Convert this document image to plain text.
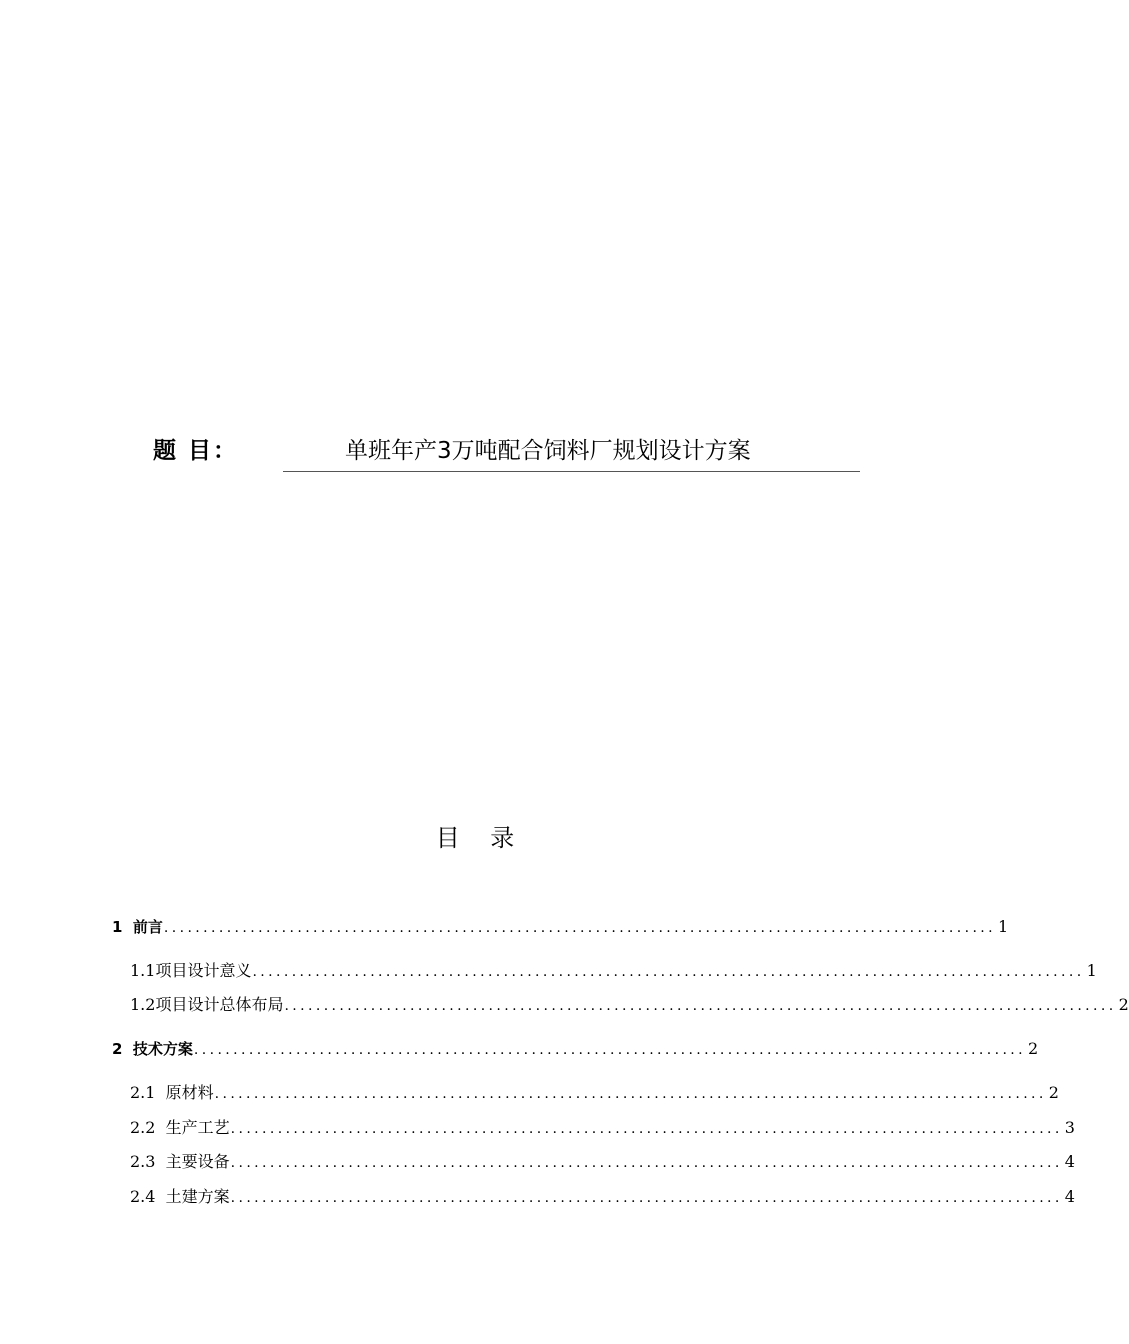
题 目：	单班年产3万吨配合饲料厂规划设计方案
目    录
1  前言 .......................................................................................................... 1
1.1项目设计意义 .......................................................................................................... 1
1.2项目设计总体布局 .......................................................................................................... 2
2  技术方案 .......................................................................................................... 2
2.1  原材料 .......................................................................................................... 2
2.2  生产工艺 .......................................................................................................... 3
2.3  主要设备 .......................................................................................................... 4
2.4  土建方案 .......................................................................................................... 4
